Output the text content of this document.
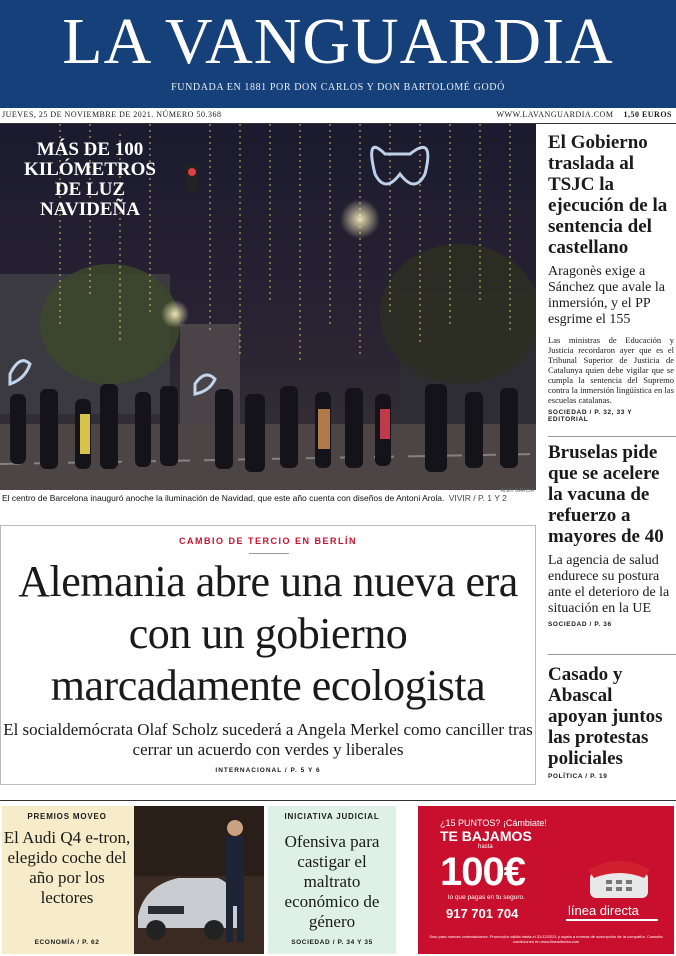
LA VANGUARDIA
FUNDADA EN 1881 POR DON CARLOS Y DON BARTOLOMÉ GODÓ
JUEVES, 25 DE NOVIEMBRE DE 2021. NÚMERO 50.368	WWW.LAVANGUARDIA.COM 1,50 EUROS
MÁS DE 100 KILÓMETROS DE LUZ NAVIDEÑA
ÀLEX GARCIA
El centro de Barcelona inauguró anoche la iluminación de Navidad, que este año cuenta con diseños de Antoni Arola. VIVIR / P. 1 Y 2
El Gobierno traslada al TSJC la ejecución de la sentencia del castellano
Aragonès exige a Sánchez que avale la inmersión, y el PP esgrime el 155
Las ministras de Educación y Justicia recordaron ayer que es el Tribunal Superior de Justicia de Catalunya quien debe vigilar que se cumpla la sentencia del Supremo contra la inmersión lingüística en las escuelas catalanas.
SOCIEDAD / P. 32, 33 Y EDITORIAL
Bruselas pide que se acelere la vacuna de refuerzo a mayores de 40
La agencia de salud endurece su postura ante el deterioro de la situación en la UE
SOCIEDAD / P. 36
Casado y Abascal apoyan juntos las protestas policiales
POLÍTICA / P. 19
CAMBIO DE TERCIO EN BERLÍN
Alemania abre una nueva era con un gobierno marcadamente ecologista
El socialdemócrata Olaf Scholz sucederá a Angela Merkel como canciller tras cerrar un acuerdo con verdes y liberales
INTERNACIONAL / P. 5 Y 6
PREMIOS MOVEO
El Audi Q4 e-tron, elegido coche del año por los lectores
ECONOMÍA / P. 62
INICIATIVA JUDICIAL
Ofensiva para castigar el maltrato económico de género
SOCIEDAD / P. 34 Y 35
¿15 PUNTOS? ¡Cámbiate!
TE BAJAMOS
hasta
100€
lo que pagas en tu seguro.
917 701 704	línea directa
Solo para nuevas contrataciones. Promoción válida hasta el 31/12/2021 y sujeta a normas de suscripción de la compañía. Consulta condiciones en www.lineadirecta.com
